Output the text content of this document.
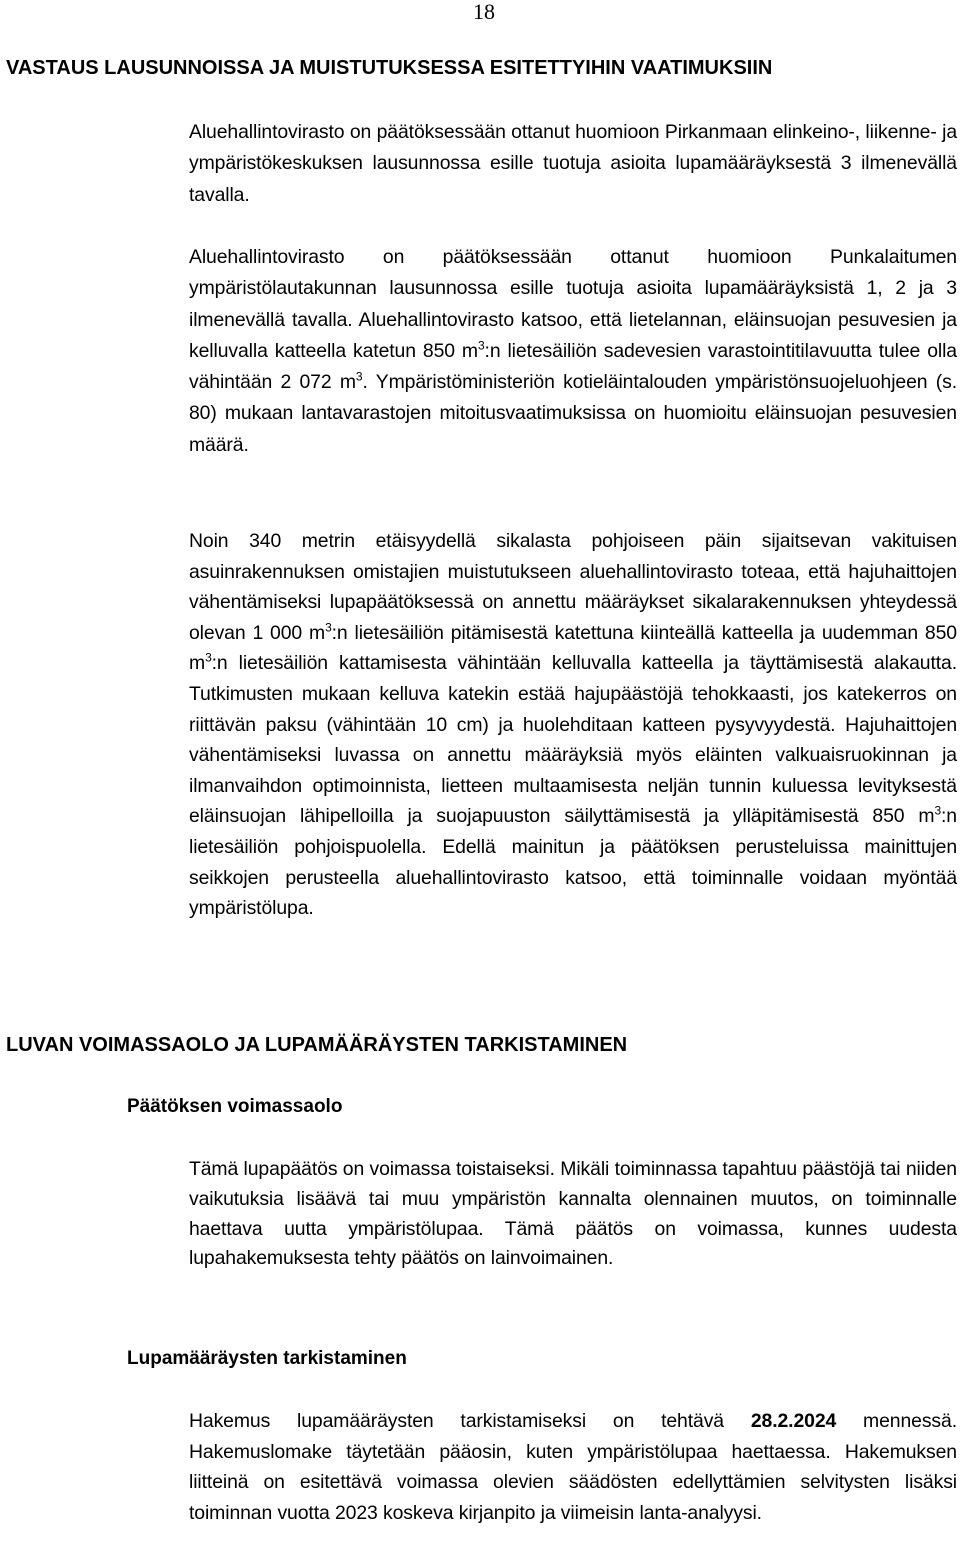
18
VASTAUS LAUSUNNOISSA JA MUISTUTUKSESSA ESITETTYIHIN VAATIMUKSIIN

Aluehallintovirasto on päätöksessään ottanut huomioon Pirkanmaan elinkeino-, liikenne- ja ympäristökeskuksen lausunnossa esille tuotuja asioita lupamääräyksestä 3 ilmenevällä tavalla.

Aluehallintovirasto on päätöksessään ottanut huomioon Punkalaitumen ympäristölautakunnan lausunnossa esille tuotuja asioita lupamääräyksistä 1, 2 ja 3 ilmenevällä tavalla. Aluehallintovirasto katsoo, että lietelannan, eläinsuojan pesuvesien ja kelluvalla katteella katetun 850 $m^3:n$ lietesäiliön sadevesien varastointitilavuutta tulee olla vähintään 2 072 $m^3$. Ympäristöministeriön kotieläintalouden ympäristönsuojeluohjeen (s. 80) mukaan lantavarastojen mitoitusvaatimuksissa on huomioitu eläinsuojan pesuvesien määrä.

Noin 340 metrin etäisyydellä sikalasta pohjoiseen päin sijaitsevan vakituisen asuinrakennuksen omistajien muistutukseen aluehallintovirasto toteaa, että hajuhaittojen vähentämiseksi lupapäätöksessä on annettu määräykset sikalarakennuksen yhteydessä olevan 1 000 $m^3:n$ lietesäiliön pitämisestä katettuna kiinteällä katteella ja uudemman 850 $m^3:n$ lietesäiliön kattamisesta vähintään kelluvalla katteella ja täyttämisestä alakautta. Tutkimusten mukaan kelluva katekin estää hajupäästöjä tehokkaasti, jos katekerros on riittävän paksu (vähintään 10 cm) ja huolehditaan katteen pysyvyydestä. Hajuhaittojen vähentämiseksi luvassa on annettu määräyksiä myös eläinten valkuaisruokinnan ja ilmanvaihdon optimoinnista, lietteen multaamisesta neljän tunnin kuluessa levityksestä eläinsuojan lähipelloilla ja suojapuuston säilyttämisestä ja ylläpitämisestä 850 $m^3:n$ lietesäiliön pohjoispuolella. Edellä mainitun ja päätöksen perusteluissa mainittujen seikkojen perusteella aluehallintovirasto katsoo, että toiminnalle voidaan myöntää ympäristölupa.

LUVAN VOIMASSAOLO JA LUPAMÄÄRÄYSTEN TARKISTAMINEN
Päätöksen voimassaolo

Tämä lupapäätös on voimassa toistaiseksi. Mikäli toiminnassa tapahtuu päästöjä tai niiden vaikutuksia lisäävä tai muu ympäristön kannalta olennainen muutos, on toiminnalle haettava uutta ympäristölupaa. Tämä päätös on voimassa, kunnes uudesta lupahakemuksesta tehty päätös on lainvoimainen.

Lupamääräysten tarkistaminen

Hakemus lupamääräysten tarkistamiseksi on tehtävä 28.2.2024 mennessä. Hakemuslomake täytetään pääosin, kuten ympäristölupaa haettaessa. Hakemuksen liitteinä on esitettävä voimassa olevien säädösten edellyttämien selvitysten lisäksi toiminnan vuotta 2023 koskeva kirjanpito ja viimeisin lanta-analyysi.
